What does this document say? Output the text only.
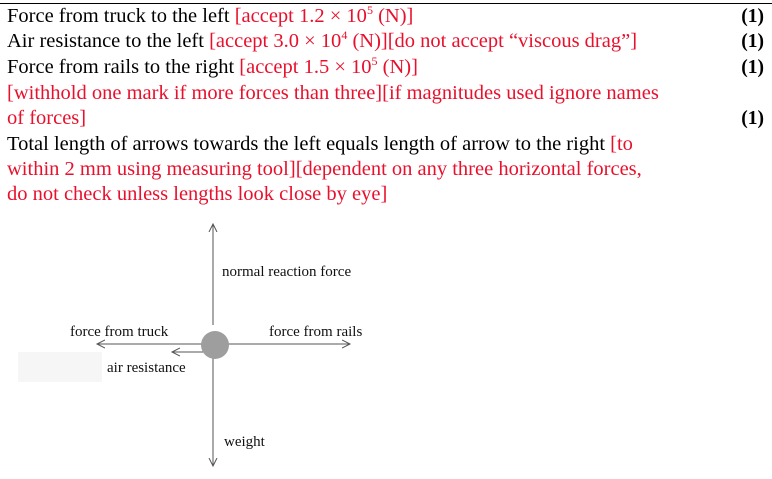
Force from truck to the left [accept $1.2 \times 10^5$ (N)]	(1)
Air resistance to the left [accept $3.0 \times 10^4$ (N)][do not accept “viscous drag”]	(1)
Force from rails to the right [accept $1.5 \times 10^5$ (N)]	(1)
[withhold one mark if more forces than three][if magnitudes used ignore names
of forces]	(1)
Total length of arrows towards the left equals length of arrow to the right [to
within 2 mm using measuring tool][dependent on any three horizontal forces,
do not check unless lengths look close by eye]
normal reaction force
force from truck	force from rails
air resistance
weight
